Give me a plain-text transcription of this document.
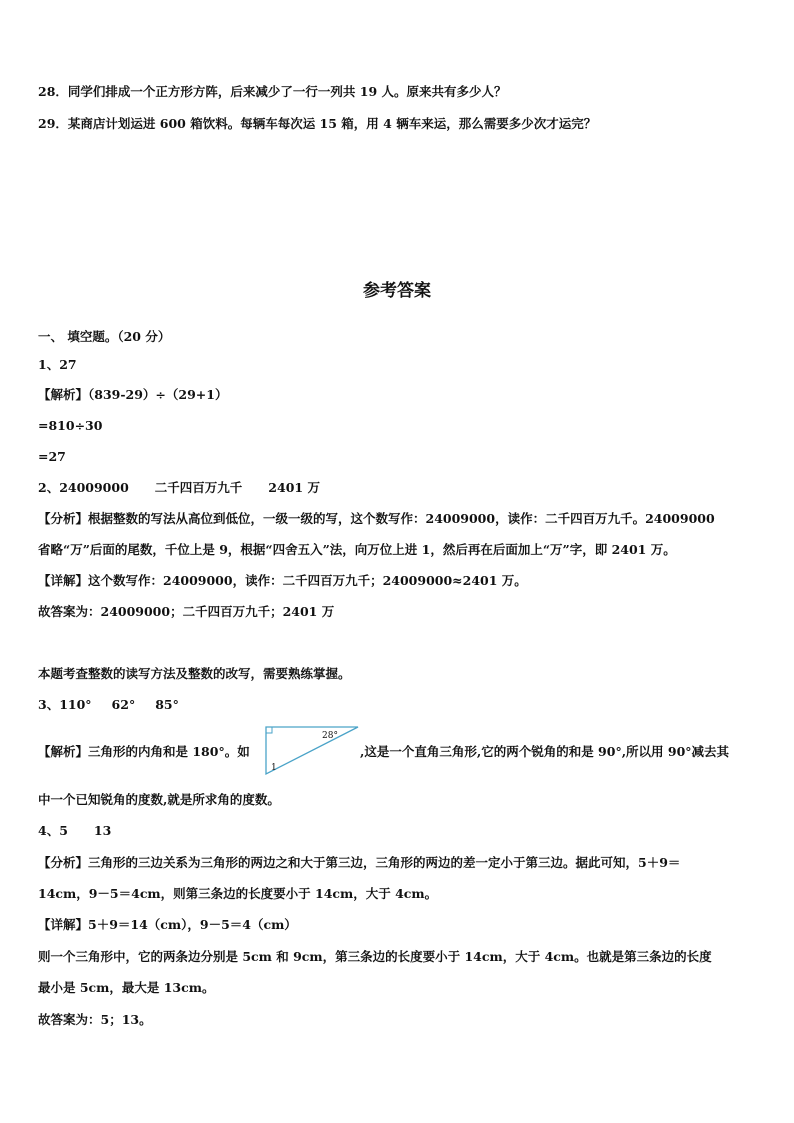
28．同学们排成一个正方形方阵，后来减少了一行一列共 19 人。原来共有多少人？
29．某商店计划运进 600 箱饮料。每辆车每次运 15 箱，用 4 辆车来运，那么需要多少次才运完？
参考答案
一、 填空题。（20 分）
1、27
【解析】（839-29）÷（29+1）
=810÷30
=27
2、24009000 二千四百万九千 2401 万
【分析】根据整数的写法从高位到低位，一级一级的写，这个数写作：24009000，读作：二千四百万九千。24009000
省略“万”后面的尾数，千位上是 9，根据“四舍五入”法，向万位上进 1，然后再在后面加上“万”字，即 2401 万。
【详解】这个数写作：24009000，读作：二千四百万九千；24009000≈2401 万。
故答案为：24009000；二千四百万九千；2401 万
本题考查整数的读写方法及整数的改写，需要熟练掌握。
3、110° 62° 85°
【解析】三角形的内角和是 180°。如
28°
1
,这是一个直角三角形,它的两个锐角的和是 90°,所以用 90°减去其
中一个已知锐角的度数,就是所求角的度数。
4、5 13
【分析】三角形的三边关系为三角形的两边之和大于第三边，三角形的两边的差一定小于第三边。据此可知，5＋9＝
14cm，9－5＝4cm，则第三条边的长度要小于 14cm，大于 4cm。
【详解】5＋9＝14（cm），9－5＝4（cm）
则一个三角形中，它的两条边分别是 5cm 和 9cm，第三条边的长度要小于 14cm，大于 4cm。也就是第三条边的长度
最小是 5cm，最大是 13cm。
故答案为：5；13。
